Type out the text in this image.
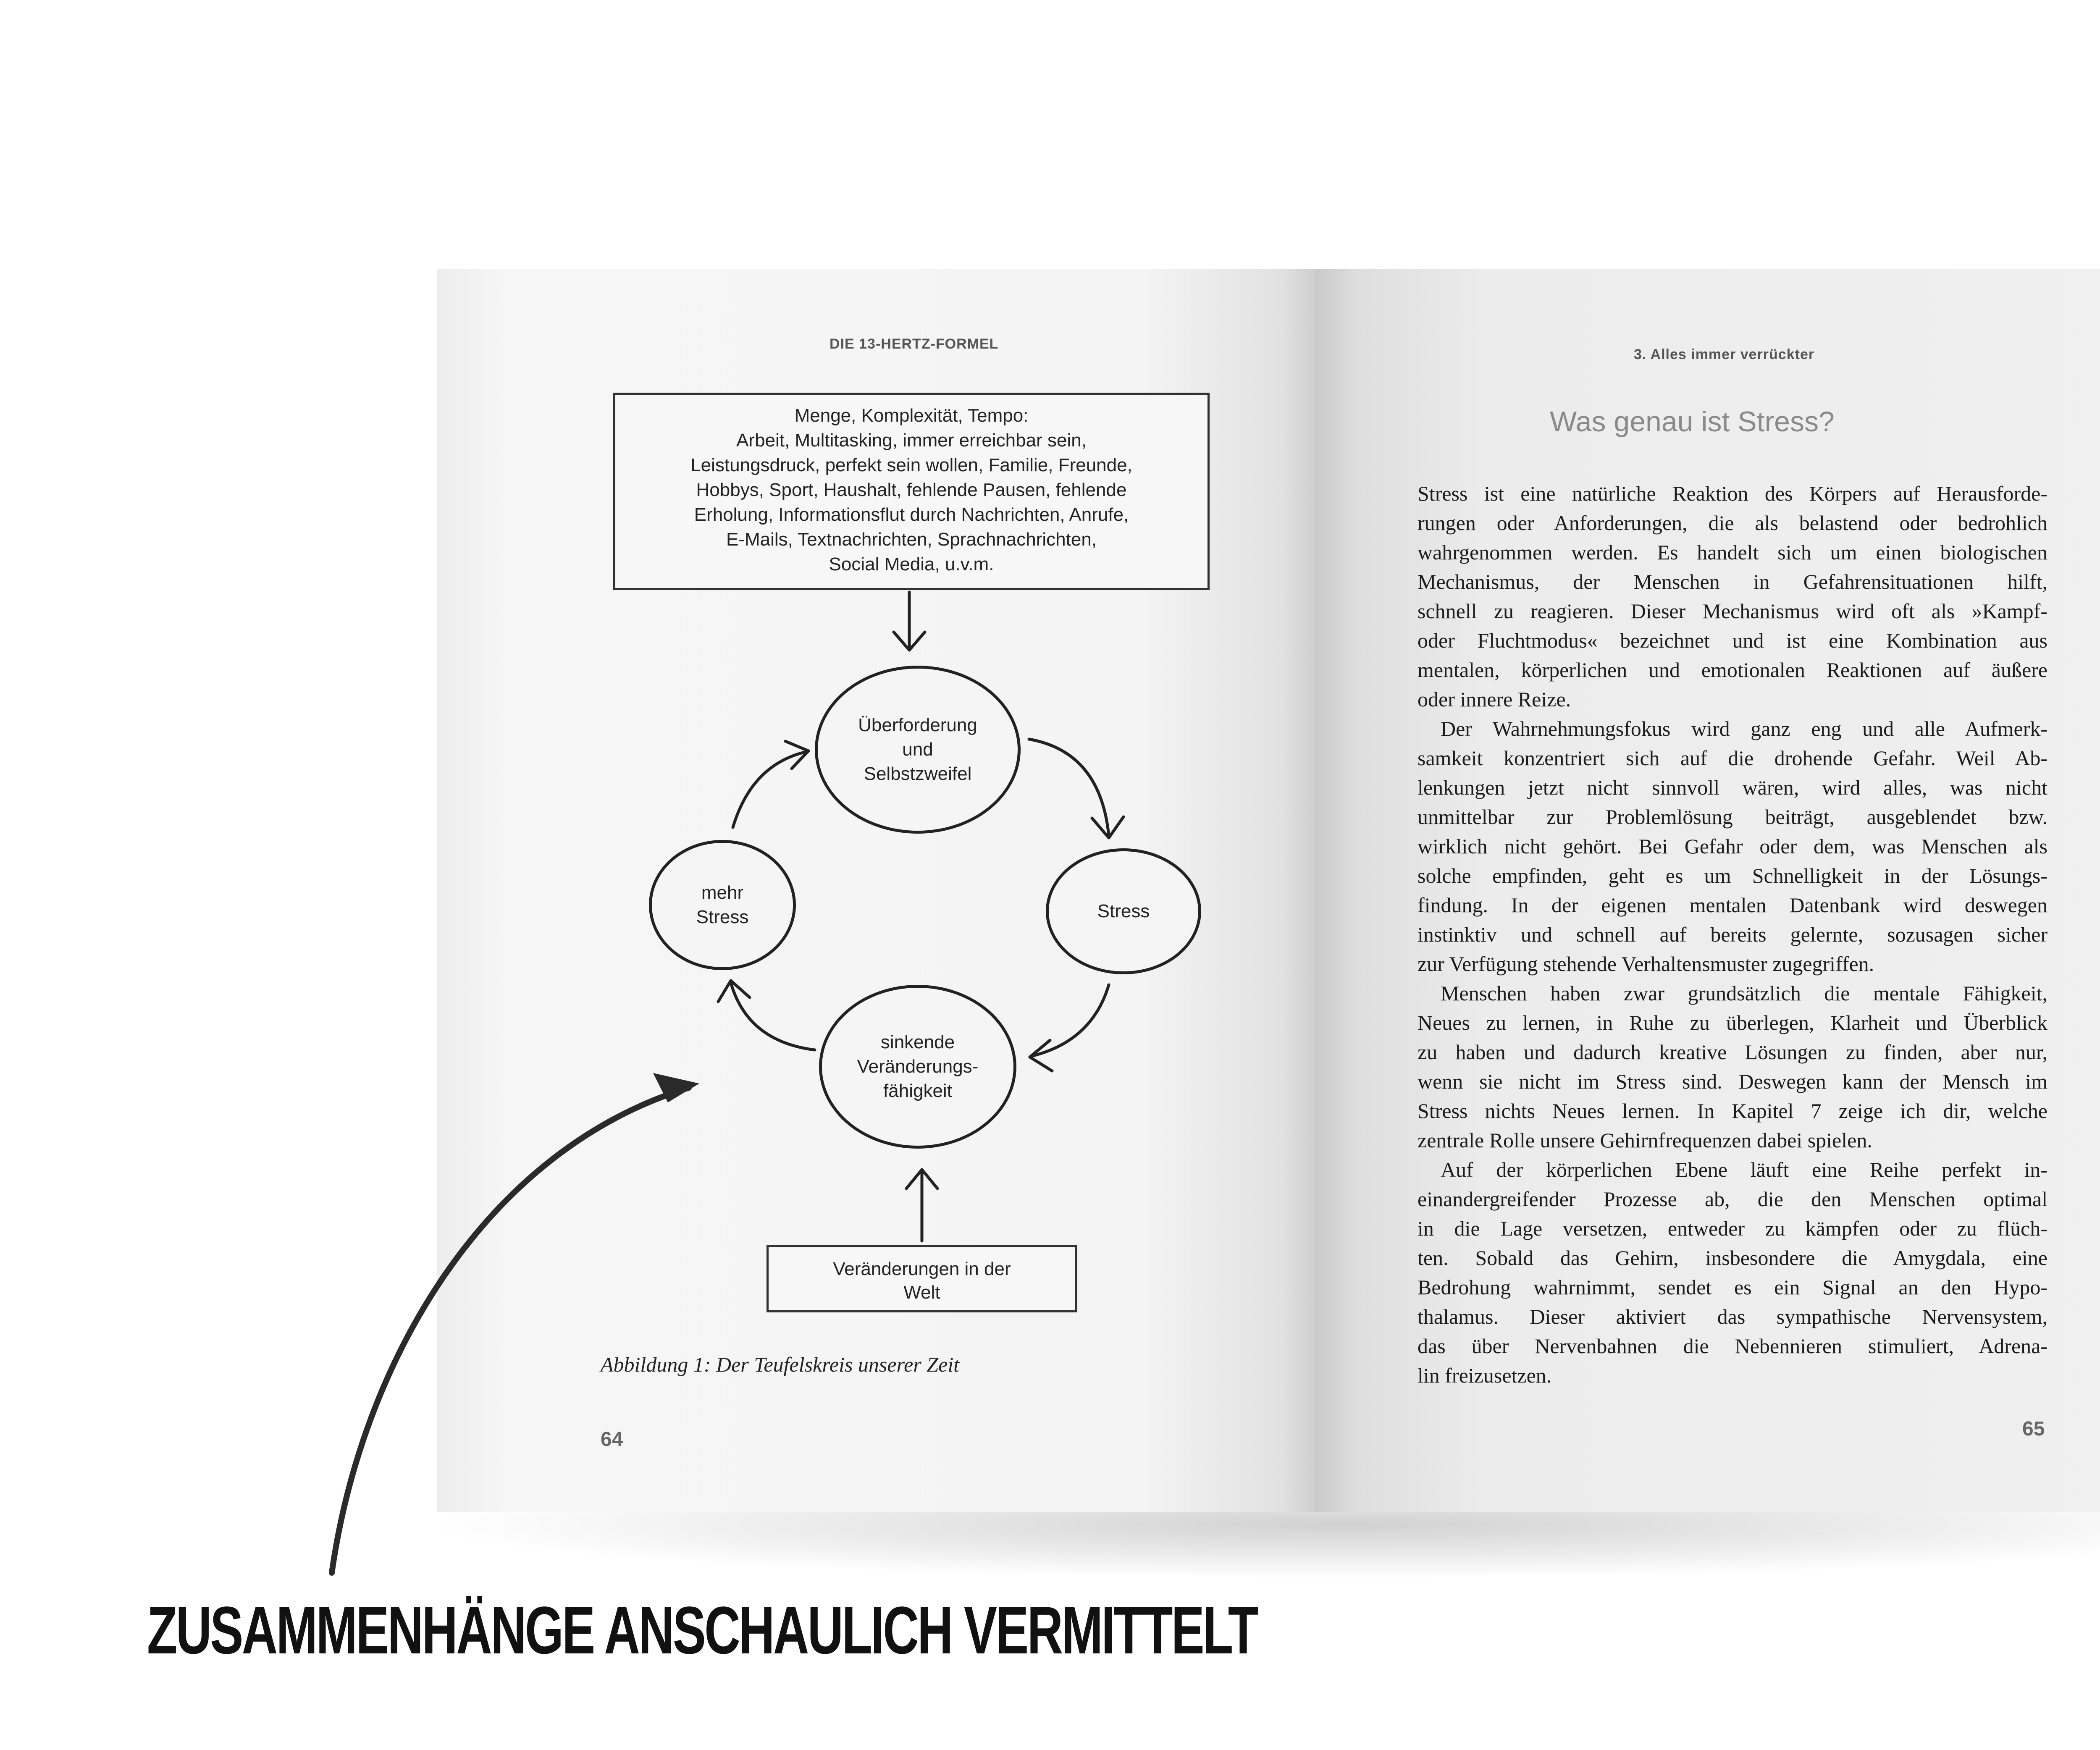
DIE 13-HERTZ-FORMEL
Menge, Komplexität, Tempo:
Arbeit, Multitasking, immer erreichbar sein,
Leistungsdruck, perfekt sein wollen, Familie, Freunde,
Hobbys, Sport, Haushalt, fehlende Pausen, fehlende
Erholung, Informationsflut durch Nachrichten, Anrufe,
E-Mails, Textnachrichten, Sprachnachrichten,
Social Media, u.v.m.
Überforderung
und
Selbstzweifel
Stress
sinkende
Veränderungs-
fähigkeit
mehr
Stress
Veränderungen in der
Welt
Abbildung 1: Der Teufelskreis unserer Zeit
64
3. Alles immer verrückter
Was genau ist Stress?
Stress ist eine natürliche Reaktion des Körpers auf Herausforde-
rungen oder Anforderungen, die als belastend oder bedrohlich
wahrgenommen werden. Es handelt sich um einen biologischen
Mechanismus, der Menschen in Gefahrensituationen hilft,
schnell zu reagieren. Dieser Mechanismus wird oft als »Kampf-
oder Fluchtmodus« bezeichnet und ist eine Kombination aus
mentalen, körperlichen und emotionalen Reaktionen auf äußere
oder innere Reize.
Der Wahrnehmungsfokus wird ganz eng und alle Aufmerk-
samkeit konzentriert sich auf die drohende Gefahr. Weil Ab-
lenkungen jetzt nicht sinnvoll wären, wird alles, was nicht
unmittelbar zur Problemlösung beiträgt, ausgeblendet bzw.
wirklich nicht gehört. Bei Gefahr oder dem, was Menschen als
solche empfinden, geht es um Schnelligkeit in der Lösungs-
findung. In der eigenen mentalen Datenbank wird deswegen
instinktiv und schnell auf bereits gelernte, sozusagen sicher
zur Verfügung stehende Verhaltensmuster zugegriffen.
Menschen haben zwar grundsätzlich die mentale Fähigkeit,
Neues zu lernen, in Ruhe zu überlegen, Klarheit und Überblick
zu haben und dadurch kreative Lösungen zu finden, aber nur,
wenn sie nicht im Stress sind. Deswegen kann der Mensch im
Stress nichts Neues lernen. In Kapitel 7 zeige ich dir, welche
zentrale Rolle unsere Gehirnfrequenzen dabei spielen.
Auf der körperlichen Ebene läuft eine Reihe perfekt in-
einandergreifender Prozesse ab, die den Menschen optimal
in die Lage versetzen, entweder zu kämpfen oder zu flüch-
ten. Sobald das Gehirn, insbesondere die Amygdala, eine
Bedrohung wahrnimmt, sendet es ein Signal an den Hypo-
thalamus. Dieser aktiviert das sympathische Nervensystem,
das über Nervenbahnen die Nebennieren stimuliert, Adrena-
lin freizusetzen.
65
ZUSAMMENHÄNGE ANSCHAULICH VERMITTELT
